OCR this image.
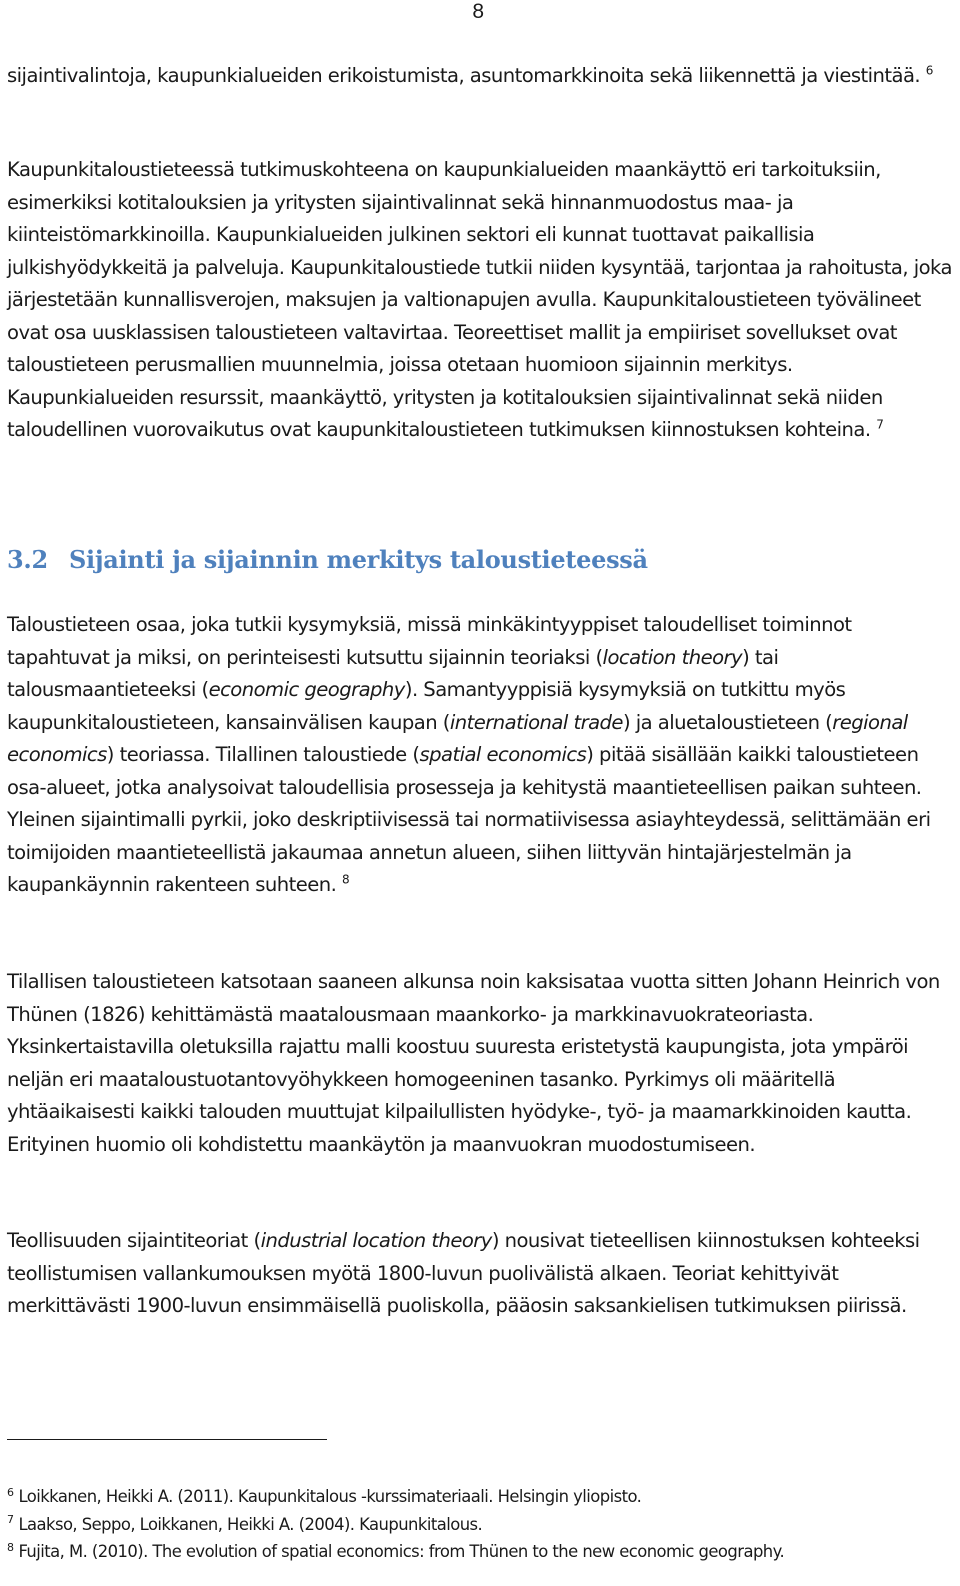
8

sijaintivalintoja, kaupunkialueiden erikoistumista, asuntomarkkinoita sekä liikennettä ja viestintää. $^6$

Kaupunkitaloustieteessä tutkimuskohteena on kaupunkialueiden maankäyttö eri tarkoituksiin, esimerkiksi kotitalouksien ja yritysten sijaintivalinnat sekä hinnanmuodostus maa- ja kiinteistömarkkinoilla. Kaupunkialueiden julkinen sektori eli kunnat tuottavat paikallisia julkishyödykkeitä ja palveluja. Kaupunkitaloustiede tutkii niiden kysyntää, tarjontaa ja rahoitusta, joka järjestetään kunnallisverojen, maksujen ja valtionapujen avulla. Kaupunkitaloustieteen työvälineet ovat osa uusklassisen taloustieteen valtavirtaa. Teoreettiset mallit ja empiiriset sovellukset ovat taloustieteen perusmallien muunnelmia, joissa otetaan huomioon sijainnin merkitys. Kaupunkialueiden resurssit, maankäyttö, yritysten ja kotitalouksien sijaintivalinnat sekä niiden taloudellinen vuorovaikutus ovat kaupunkitaloustieteen tutkimuksen kiinnostuksen kohteina. $^7$

3.2 Sijainti ja sijainnin merkitys taloustieteessä

Taloustieteen osaa, joka tutkii kysymyksiä, missä minkäkintyyppiset taloudelliset toiminnot tapahtuvat ja miksi, on perinteisesti kutsuttu sijainnin teoriaksi (location theory) tai talousmaantieteeksi (economic geography). Samantyyppisiä kysymyksiä on tutkittu myös kaupunkitaloustieteen, kansainvälisen kaupan (international trade) ja aluetaloustieteen (regional economics) teoriassa. Tilallinen taloustiede (spatial economics) pitää sisällään kaikki taloustieteen osa-alueet, jotka analysoivat taloudellisia prosesseja ja kehitystä maantieteellisen paikan suhteen. Yleinen sijaintimalli pyrkii, joko deskriptiivisessä tai normatiivisessa asiayhteydessä, selittämään eri toimijoiden maantieteellistä jakaumaa annetun alueen, siihen liittyvän hintajärjestelmän ja kaupankäynnin rakenteen suhteen. $^8$

Tilallisen taloustieteen katsotaan saaneen alkunsa noin kaksisataa vuotta sitten Johann Heinrich von Thünen (1826) kehittämästä maatalousmaan maankorko- ja markkinavuokrateoriasta. Yksinkertaistavilla oletuksilla rajattu malli koostuu suuresta eristetystä kaupungista, jota ympäröi neljän eri maataloustuotantovyöhykkeen homogeeninen tasanko. Pyrkimys oli määritellä yhtäaikaisesti kaikki talouden muuttujat kilpailullisten hyödyke-, työ- ja maamarkkinoiden kautta. Erityinen huomio oli kohdistettu maankäytön ja maanvuokran muodostumiseen.

Teollisuuden sijaintiteoriat (industrial location theory) nousivat tieteellisen kiinnostuksen kohteeksi teollistumisen vallankumouksen myötä 1800-luvun puolivälistä alkaen. Teoriat kehittyivät merkittävästi 1900-luvun ensimmäisellä puoliskolla, pääosin saksankielisen tutkimuksen piirissä.

$^6$ Loikkanen, Heikki A. (2011). Kaupunkitalous -kurssimateriaali. Helsingin yliopisto.
$^7$ Laakso, Seppo, Loikkanen, Heikki A. (2004). Kaupunkitalous.
$^8$ Fujita, M. (2010). The evolution of spatial economics: from Thünen to the new economic geography.
